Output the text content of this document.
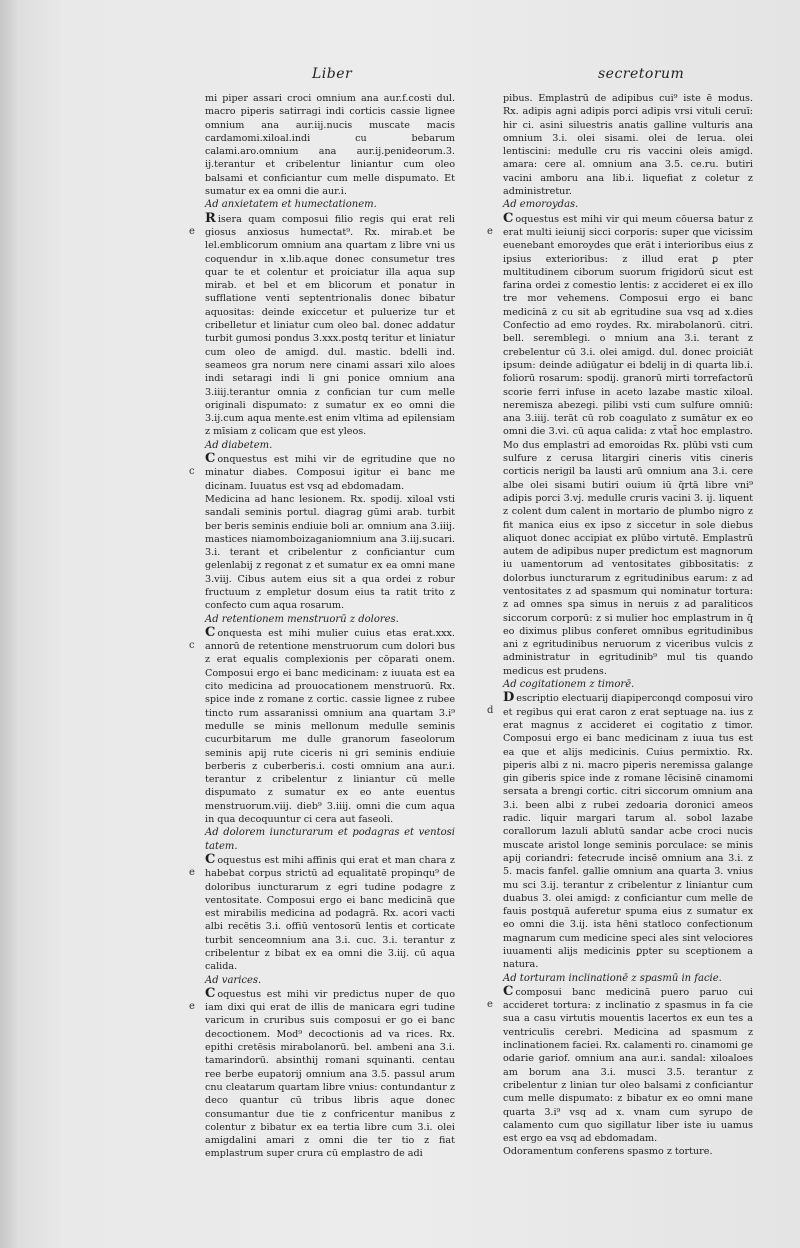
Liber	secretorum

mi piper assari croci omnium ana aur.f.costi dul. macro piperis satirragi indi corticis cassie lignee omnium ana aur.iij.nucis muscate macis cardamomi.xiloal.indi cu bebarum calami.aro.omnium ana aur.ij.penideorum.3. ij.terantur et cribelentur liniantur cum oleo balsami et conficiantur cum melle dispumato. Et sumatur ex ea omni die aur.i.

Ad anxietatem et humectationem.

e
R isera quam composui filio regis qui erat reli giosus anxiosus humectat⁹. Rx. mirab.et be lel.emblicorum omnium ana quartam z libre vni us coquendur in x.lib.aque donec consumetur tres quar te et colentur et proiciatur illa aqua sup mirab. et bel et em blicorum et ponatur in sufflatione venti septentrionalis donec bibatur aquositas: deinde exiccetur et puluerize tur et cribelletur et liniatur cum oleo bal. donec addatur turbit gumosi pondus 3.xxx.postq teritur et liniatur cum oleo de amigd. dul. mastic. bdelli ind. seameos gra norum nere cinami assari xilo aloes indi setaragi indi li gni ponice omnium ana 3.iiij.terantur omnia z confician tur cum melle originali dispumato: z sumatur ex eo omni die 3.ij.cum aqua mente.est enim vltima ad epilensiam z mīsiam z colicam que est yleos.

Ad diabetem.

c
C onquestus est mihi vir de egritudine que no minatur diabes. Composui igitur ei banc me dicinam. Iuuatus est vsq ad ebdomadam.

Medicina ad hanc lesionem. Rx. spodij. xiloal vsti sandali seminis portul. diagrag gūmi arab. turbit ber beris seminis endiuie boli ar. omnium ana 3.iiij. mastices niamomboizaganiomnium ana 3.iij.sucari. 3.i. terant et cribelentur z conficiantur cum gelenlabij z regonat z et sumatur ex ea omni mane 3.viij. Cibus autem eius sit a qua ordei z robur fructuum z empletur dosum eius ta ratit trito z confecto cum aqua rosarum.

Ad retentionem menstruorū z dolores.

c
C onquesta est mihi mulier cuius etas erat.xxx. annorū de retentione menstruorum cum dolori bus z erat equalis complexionis per cōparati onem. Composui ergo ei banc medicinam: z iuuata est ea cito medicina ad prouocationem menstruorū. Rx. spice inde z romane z cortic. cassie lignee z rubee tincto rum assaranissi omnium ana quartam 3.i⁹ medulle se minis mellonum medulle seminis cucurbitarum me dulle granorum faseolorum seminis apij rute ciceris ni gri seminis endiuie berberis z cuberberis.i. costi omnium ana aur.i. terantur z cribelentur z liniantur cū melle dispumato z sumatur ex eo ante euentus menstruorum.viij. dieb⁹ 3.iiij. omni die cum aqua in qua decoquuntur ci cera aut faseoli.

Ad dolorem iuncturarum et podagras et ventosi tatem.

e
C oquestus est mihi affinis qui erat et man chara z habebat corpus strictū ad equalitatē propinqu⁹ de doloribus iuncturarum z egri tudine podagre z ventositate. Composui ergo ei banc medicinā que est mirabilis medicina ad podagrā. Rx. acori vacti albi recētis 3.i. offiū ventosorū lentis et corticate turbit senceomnium ana 3.i. cuc. 3.i. terantur z cribelentur z bibat ex ea omni die 3.iij. cū aqua calida.

Ad varices.

e
C oquestus est mihi vir predictus nuper de quo iam dixi qui erat de illis de manicara egri tudine varicum in cruribus suis composui er go ei banc decoctionem. Mod⁹ decoctionis ad va rices. Rx. epithi cretēsis mirabolanorū. bel. ambeni ana 3.i. tamarindorū. absinthij romani squinanti. centau ree berbe eupatorij omnium ana 3.5. passul arum cnu cleatarum quartam libre vnius: contundantur z deco quantur cū tribus libris aque donec consumantur due tie z confricentur manibus z colentur z bibatur ex ea tertia libre cum 3.i. olei amigdalini amari z omni die ter tio z fiat emplastrum super crura cū emplastro de adi

pibus. Emplastrū de adipibus cui⁹ iste ē modus. Rx. adipis agni adipis porci adipis vrsi vituli ceruī: hir ci. asini siluestris anatis galline vulturis ana omnium 3.i. olei sisami. olei de lerua. olei lentiscini: medulle cru ris vaccini oleis amigd. amara: cere al. omnium ana 3.5. ce.ru. butiri vacini amboru ana lib.i. liquefiat z coletur z administretur.

Ad emoroydas.

e
C oquestus est mihi vir qui meum cōuersa batur z erat multi ieiunij sicci corporis: super que vicissim euenebant emoroydes que erāt i interioribus eius z ipsius exterioribus: z illud erat ꝑ pter multitudinem ciborum suorum frigidorū sicut est farina ordei z comestio lentis: z accideret ei ex illo tre mor vehemens. Composui ergo ei banc medicinā z cu sit ab egritudine sua vsq ad x.dies Confectio ad emo roydes. Rx. mirabolanorū. citri. bell. seremblegi. o mnium ana 3.i. terant z crebelentur cū 3.i. olei amigd. dul. donec proiciāt ipsum: deinde adiūgatur ei bdelij in di quarta lib.i. foliorū rosarum: spodij. granorū mirti torrefactorū scorie ferri infuse in aceto lazabe mastic xiloal. neremisza abezegi. pilibi vsti cum sulfure omniū: ana 3.iiij. terāt cū rob coagulato z sumātur ex eo omni die 3.vi. cū aqua calida: z vtat̄ hoc emplastro. Mo dus emplastri ad emoroidas Rx. plūbi vsti cum sulfure z cerusa litargiri cineris vitis cineris corticis nerigil ba lausti arū omnium ana 3.i. cere albe olei sisami butiri ouium iū q̄rtā libre vni⁹ adipis porci 3.vj. medulle cruris vacini 3. ij. liquent z colent dum calent in mortario de plumbo nigro z fit manica eius ex ipso z siccetur in sole diebus aliquot donec accipiat ex plūbo virtutē. Emplastrū autem de adipibus nuper predictum est magnorum iu uamentorum ad ventositates gibbositatis: z dolorbus iuncturarum z egritudinibus earum: z ad ventositates z ad spasmum qui nominatur tortura: z ad omnes spa simus in neruis z ad paraliticos siccorum corporū: z si mulier hoc emplastrum in q̄ eo diximus plibus conferet omnibus egritudinibus ani z egritudinibus neruorum z viceribus vulcis z administratur in egritudinib⁹ mul tis quando medicus est prudens.

Ad cogitationem z timorē.

d
D escriptio electuarij diapiperconqd composui viro et regibus qui erat caron z erat septuage na. ius z erat magnus z accideret ei cogitatio z timor. Composui ergo ei banc medicinam z iuua tus est ea que et alijs medicinis. Cuius permixtio. Rx. piperis albi z ni. macro piperis neremissa galange gin giberis spice inde z romane lēcisinē cinamomi sersata a brengi cortic. citri siccorum omnium ana 3.i. been albi z rubei zedoaria doronici ameos radic. liquir margari tarum al. sobol lazabe corallorum lazuli ablutū sandar acbe croci nucis muscate aristol longe seminis porculace: se minis apij coriandri: fetecrude incisē omnium ana 3.i. z 5. macis fanfel. gallie omnium ana quarta 3. vnius mu sci 3.ij. terantur z cribelentur z liniantur cum duabus 3. olei amigd: z conficiantur cum melle de fauis postquā auferetur spuma eius z sumatur ex eo omni die 3.ij. ista hēni statloco confectionum magnarum cum medicine speci ales sint velociores iuuamenti alijs medicinis ꝑpter su sceptionem a natura.

Ad torturam inclinationē z spasmū in facie.

e
C composui banc medicinā puero paruo cui accideret tortura: z inclinatio z spasmus in fa cie sua a casu virtutis mouentis lacertos ex eun tes a ventriculis cerebri. Medicina ad spasmum z inclinationem faciei. Rx. calamenti ro. cinamomi ge odarie gariof. omnium ana aur.i. sandal: xiloaloes am borum ana 3.i. musci 3.5. terantur z cribelentur z linian tur oleo balsami z conficiantur cum melle dispumato: z bibatur ex eo omni mane quarta 3.i⁹ vsq ad x. vnam cum syrupo de calamento cum quo sigillatur liber iste iu uamus est ergo ea vsq ad ebdomadam.

Odoramentum conferens spasmo z torture.
